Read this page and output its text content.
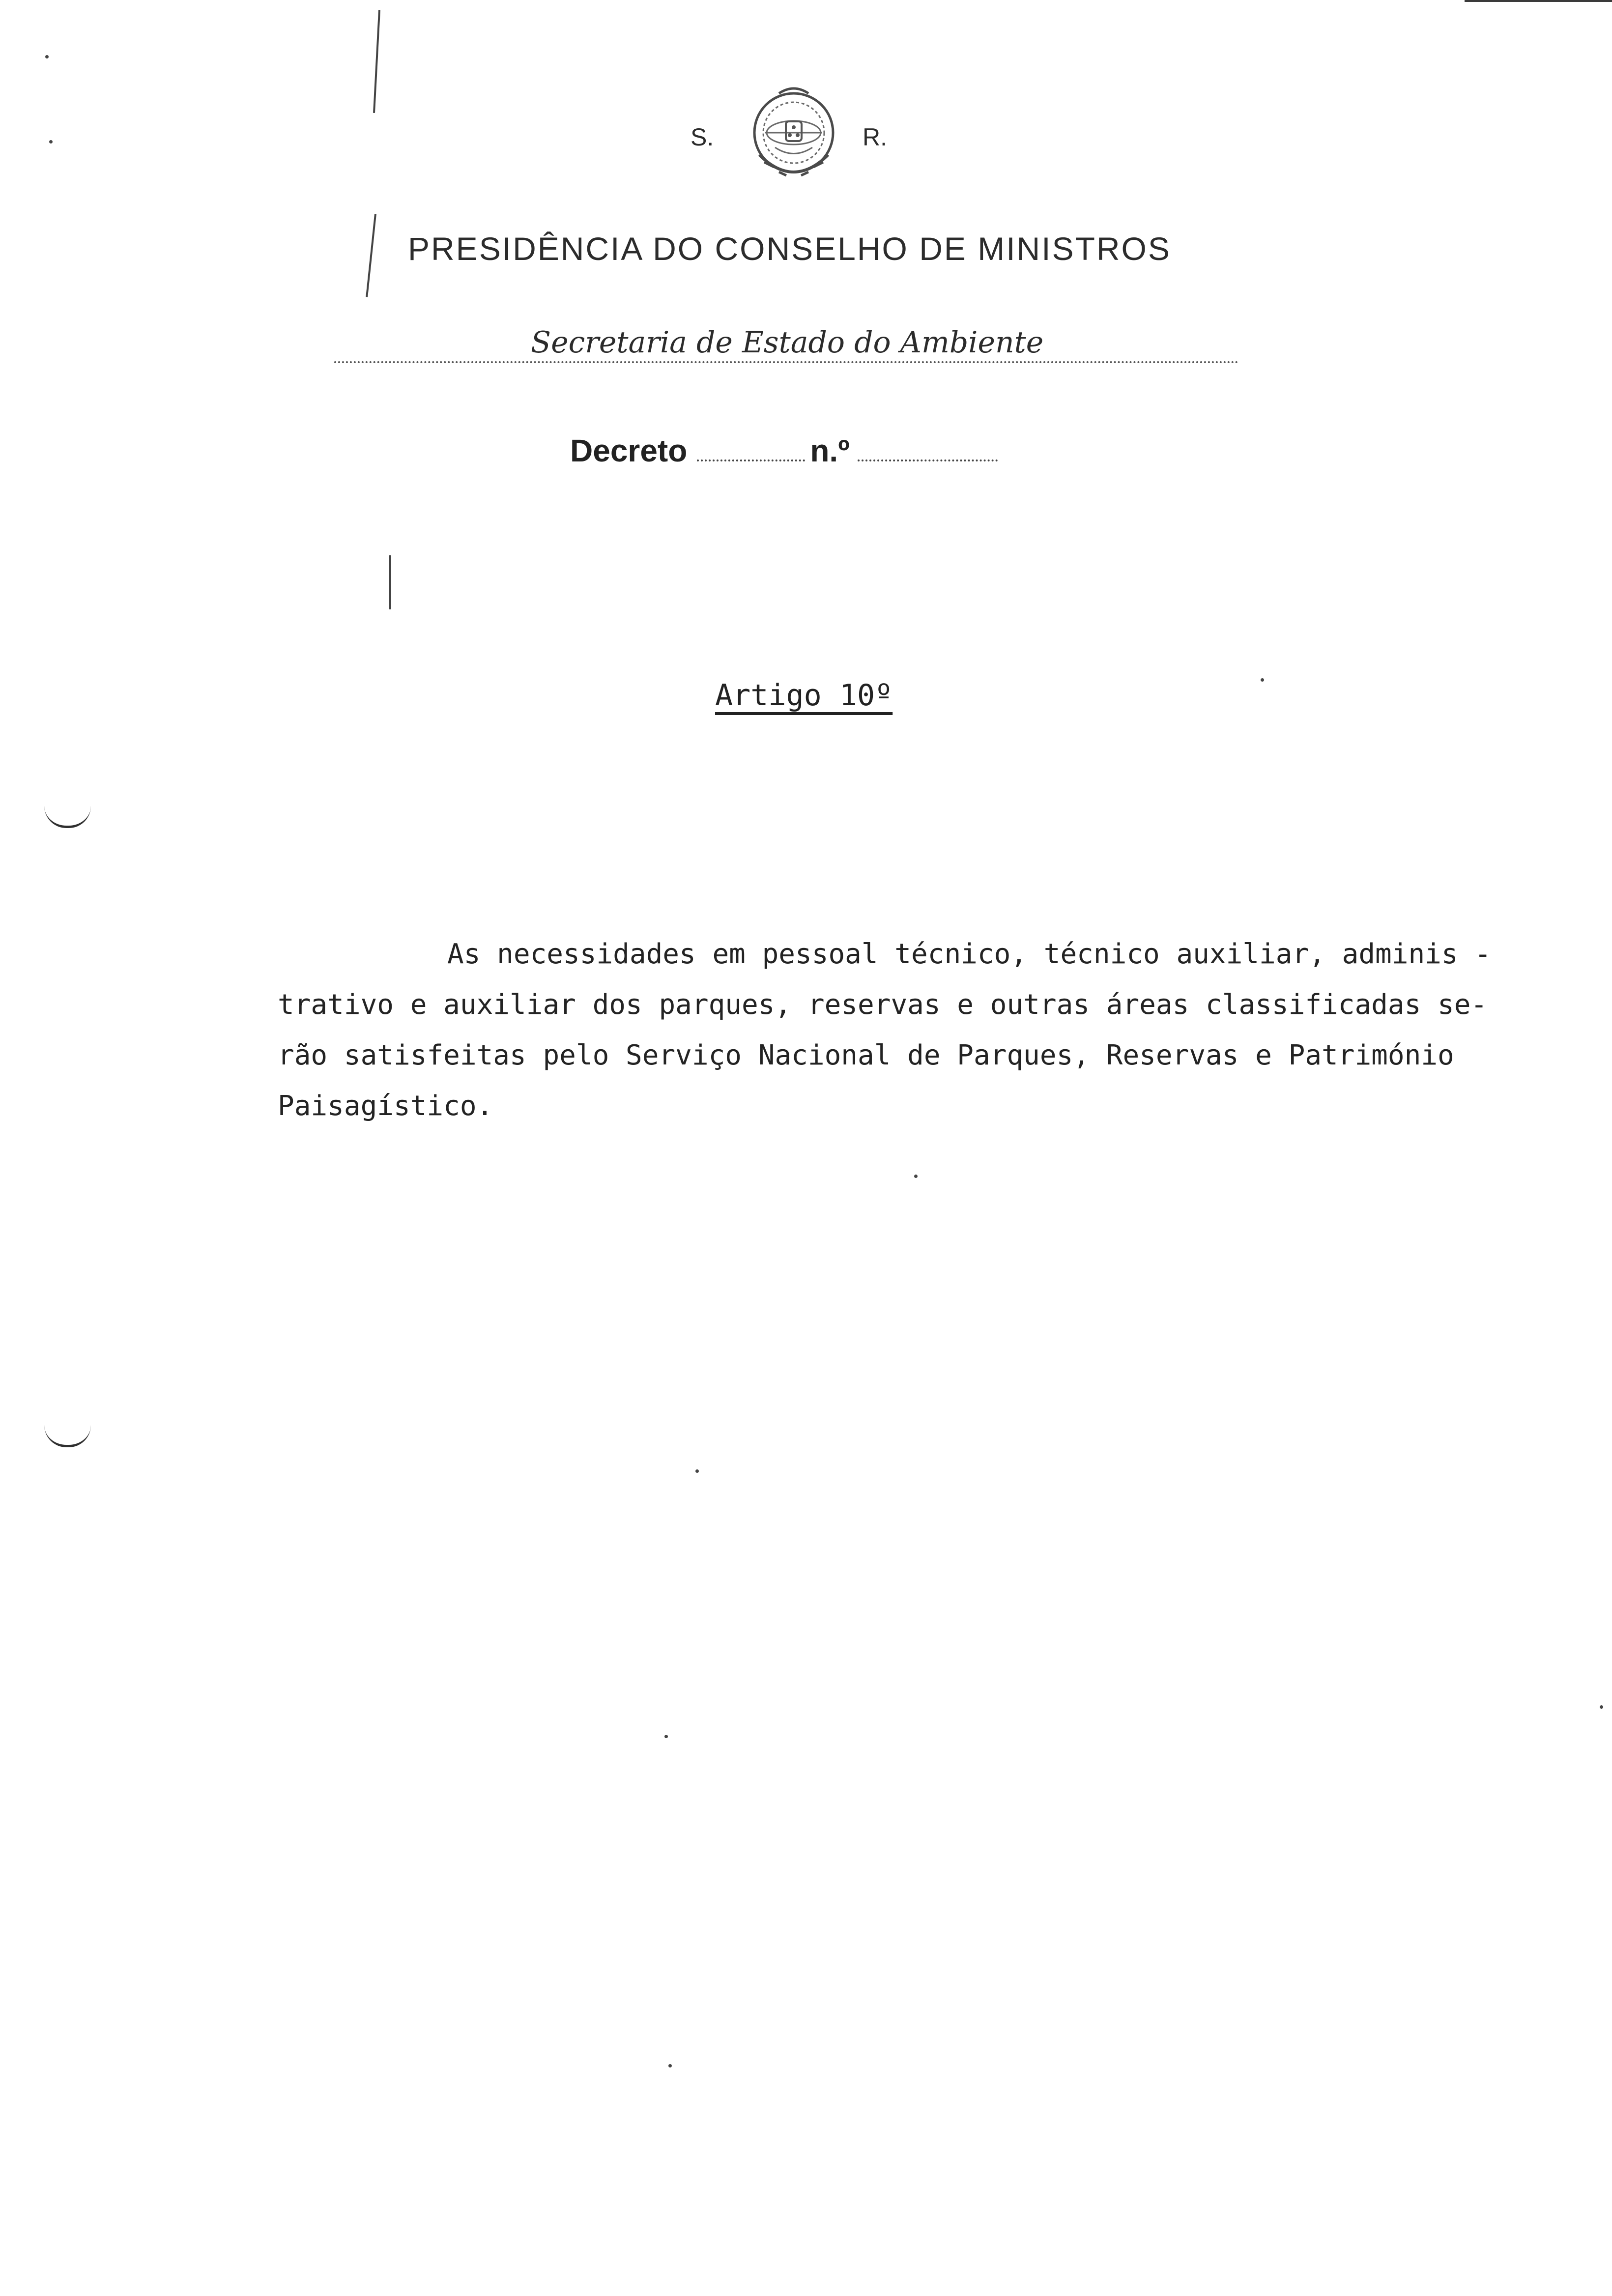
S.	R.
PRESIDÊNCIA DO CONSELHO DE MINISTROS
Secretaria de Estado do Ambiente
Decreto	n.º
Artigo 10º
As necessidades em pessoal técnico, técnico auxiliar, adminis -
trativo e auxiliar dos parques, reservas e outras áreas classificadas se-
rão satisfeitas pelo Serviço Nacional de Parques, Reservas e Património
Paisagístico.
